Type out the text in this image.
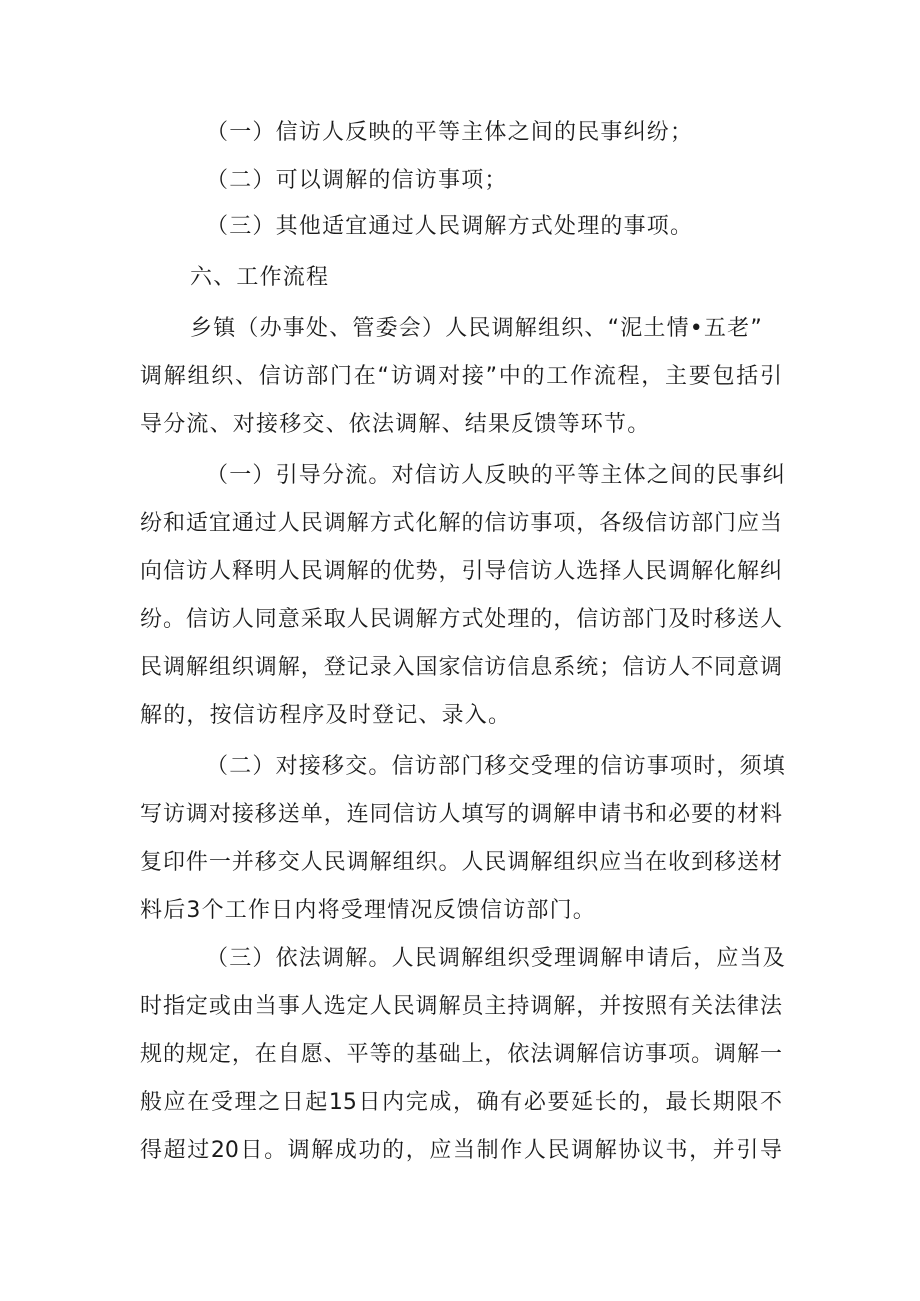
（一）信访人反映的平等主体之间的民事纠纷；
（二）可以调解的信访事项；
（三）其他适宜通过人民调解方式处理的事项。
六、工作流程
乡镇（办事处、管委会）人民调解组织、“泥土情•五老”
调解组织、信访部门在“访调对接”中的工作流程，主要包括引
导分流、对接移交、依法调解、结果反馈等环节。
（一）引导分流。对信访人反映的平等主体之间的民事纠
纷和适宜通过人民调解方式化解的信访事项，各级信访部门应当
向信访人释明人民调解的优势，引导信访人选择人民调解化解纠
纷。信访人同意采取人民调解方式处理的，信访部门及时移送人
民调解组织调解，登记录入国家信访信息系统；信访人不同意调
解的，按信访程序及时登记、录入。
（二）对接移交。信访部门移交受理的信访事项时，须填
写访调对接移送单，连同信访人填写的调解申请书和必要的材料
复印件一并移交人民调解组织。人民调解组织应当在收到移送材
料后3个工作日内将受理情况反馈信访部门。
（三）依法调解。人民调解组织受理调解申请后，应当及
时指定或由当事人选定人民调解员主持调解，并按照有关法律法
规的规定，在自愿、平等的基础上，依法调解信访事项。调解一
般应在受理之日起15日内完成，确有必要延长的，最长期限不
得超过20日。调解成功的，应当制作人民调解协议书，并引导
